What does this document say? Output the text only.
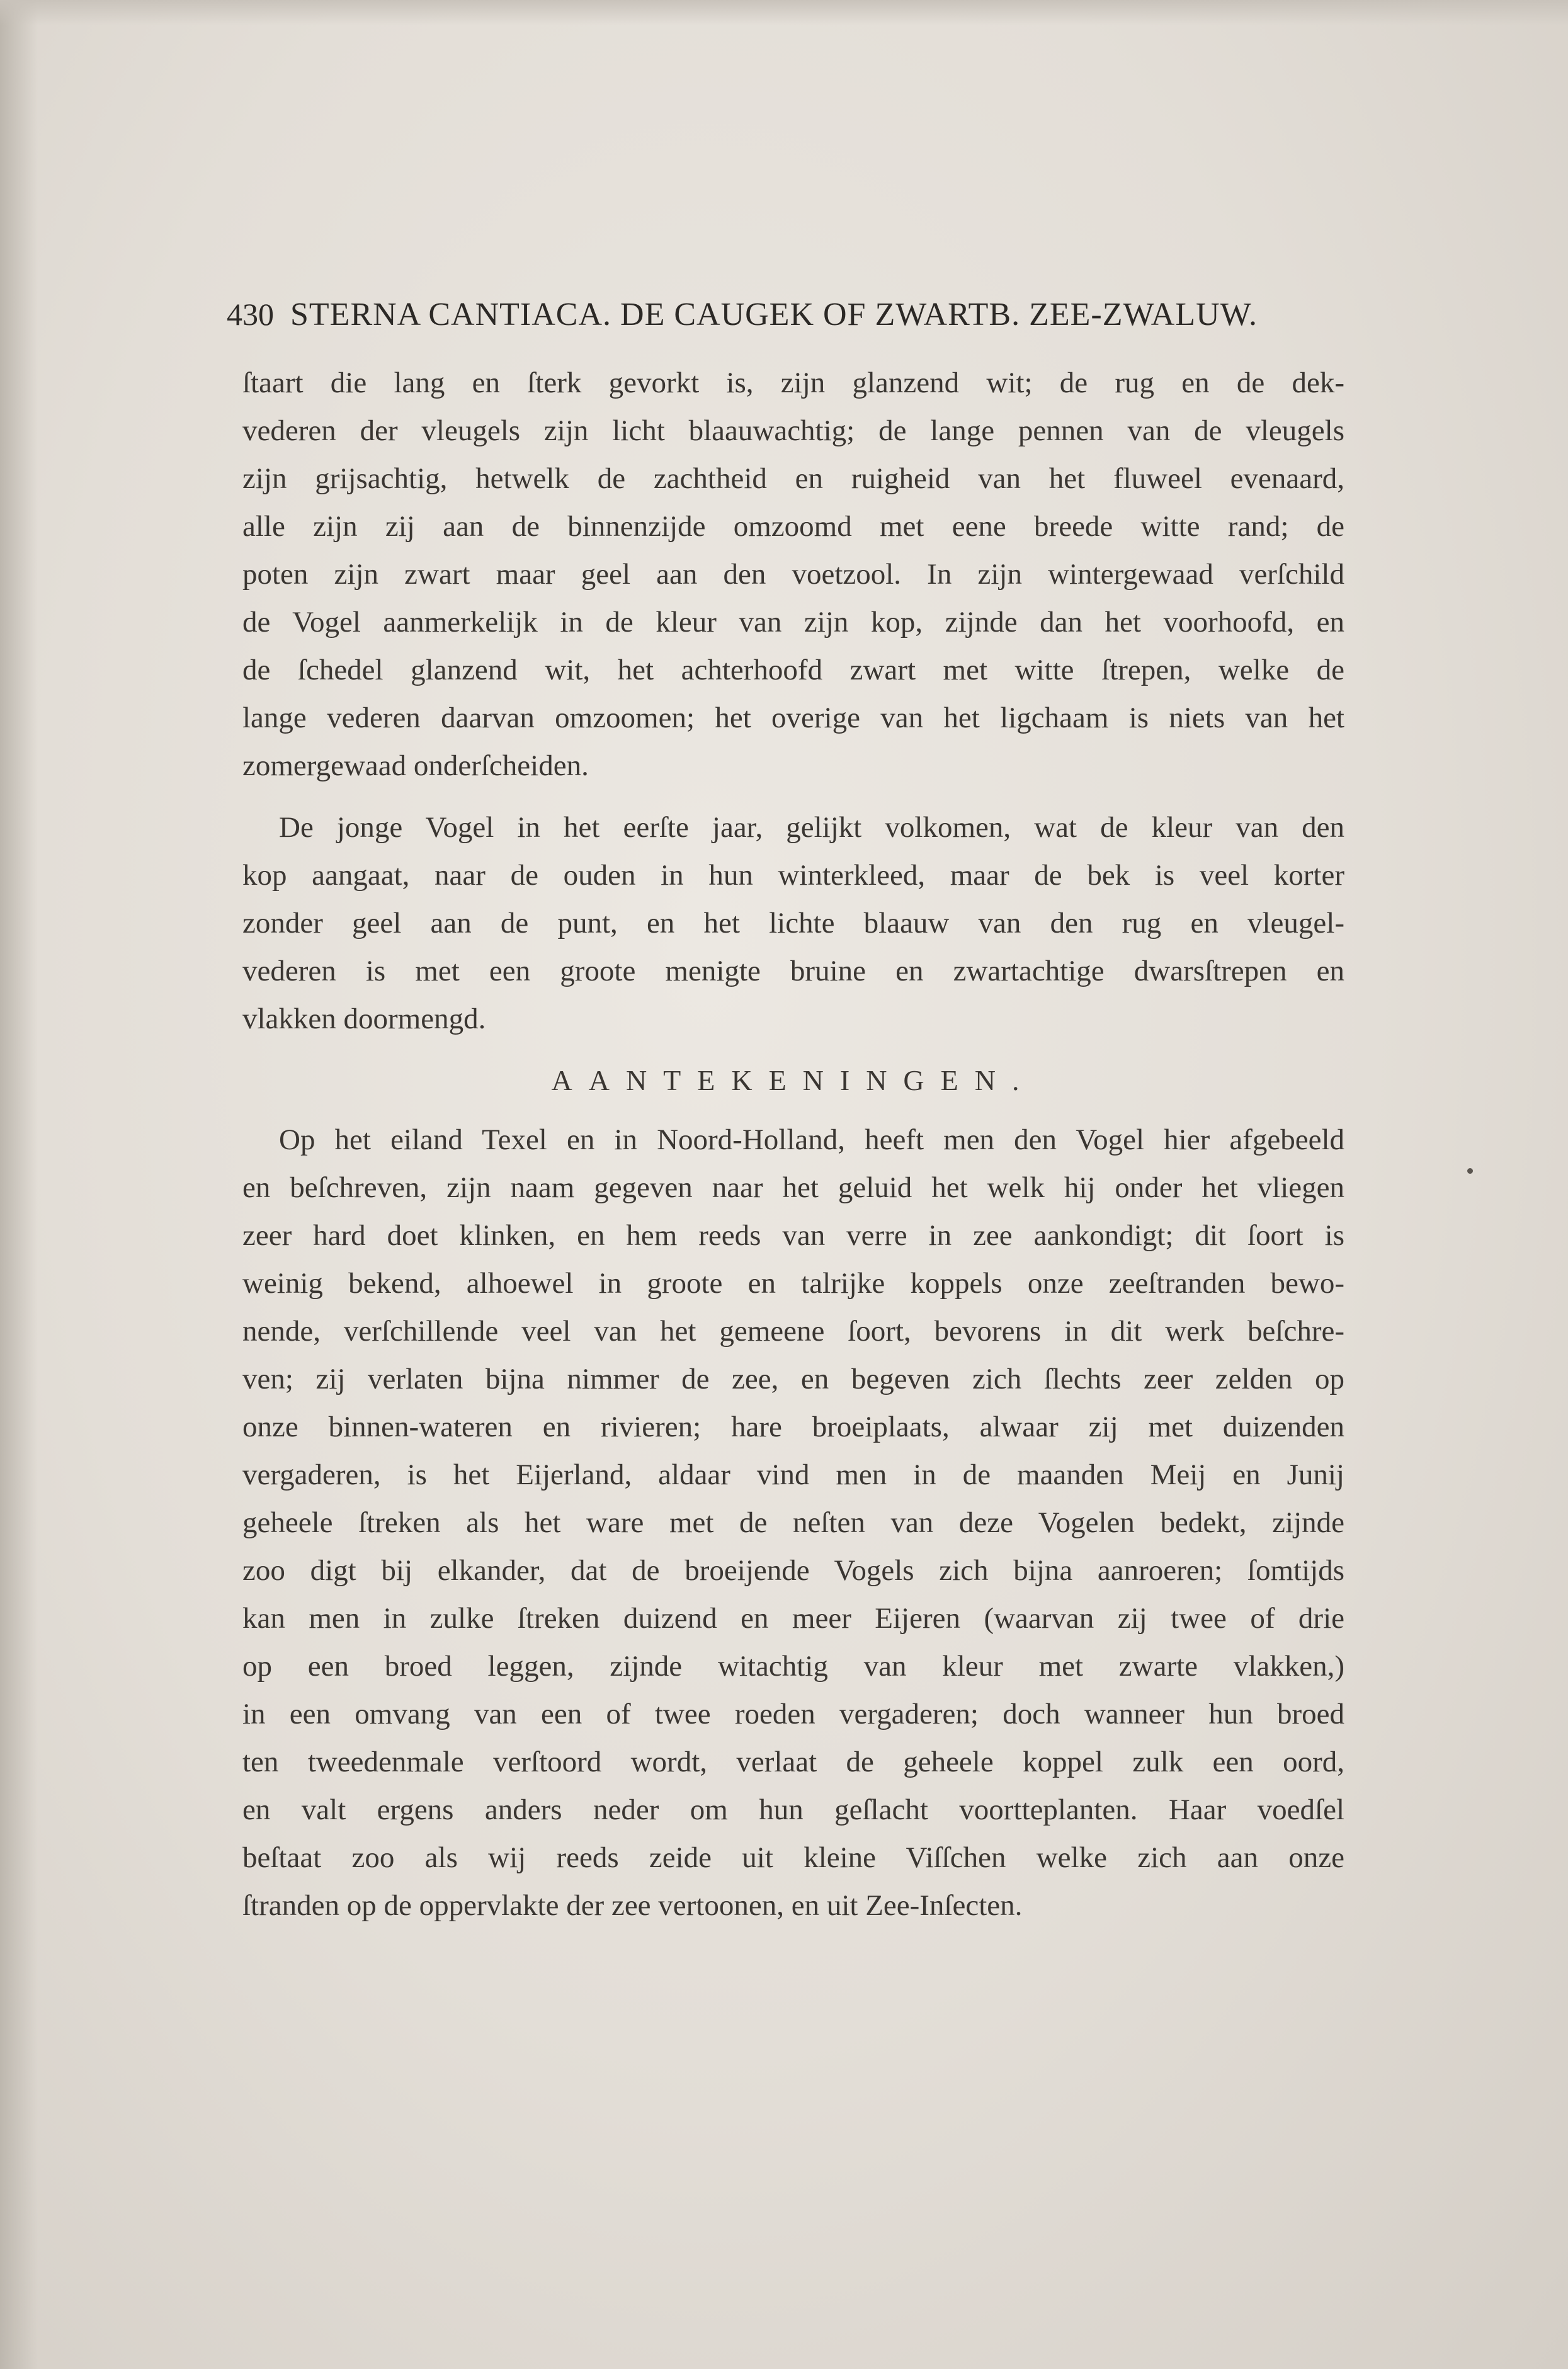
430 STERNA CANTIACA. DE CAUGEK OF ZWARTB. ZEE-ZWALUW.

ſtaart die lang en ſterk gevorkt is, zijn glanzend wit; de rug en de dek-
vederen der vleugels zijn licht blaauwachtig; de lange pennen van de vleugels
zijn grijsachtig, hetwelk de zachtheid en ruigheid van het fluweel evenaard,
alle zijn zij aan de binnenzijde omzoomd met eene breede witte rand; de
poten zijn zwart maar geel aan den voetzool. In zijn wintergewaad verſchild
de Vogel aanmerkelijk in de kleur van zijn kop, zijnde dan het voorhoofd, en
de ſchedel glanzend wit, het achterhoofd zwart met witte ſtrepen, welke de
lange vederen daarvan omzoomen; het overige van het ligchaam is niets van het
zomergewaad onderſcheiden.

De jonge Vogel in het eerſte jaar, gelijkt volkomen, wat de kleur van den
kop aangaat, naar de ouden in hun winterkleed, maar de bek is veel korter
zonder geel aan de punt, en het lichte blaauw van den rug en vleugel-
vederen is met een groote menigte bruine en zwartachtige dwarsſtrepen en
vlakken doormengd.

AANTEKENINGEN.

Op het eiland Texel en in Noord-Holland, heeft men den Vogel hier afgebeeld
en beſchreven, zijn naam gegeven naar het geluid het welk hij onder het vliegen
zeer hard doet klinken, en hem reeds van verre in zee aankondigt; dit ſoort is
weinig bekend, alhoewel in groote en talrijke koppels onze zeeſtranden bewo-
nende, verſchillende veel van het gemeene ſoort, bevorens in dit werk beſchre-
ven; zij verlaten bijna nimmer de zee, en begeven zich ſlechts zeer zelden op
onze binnen-wateren en rivieren; hare broeiplaats, alwaar zij met duizenden
vergaderen, is het Eijerland, aldaar vind men in de maanden Meij en Junij
geheele ſtreken als het ware met de neſten van deze Vogelen bedekt, zijnde
zoo digt bij elkander, dat de broeijende Vogels zich bijna aanroeren; ſomtijds
kan men in zulke ſtreken duizend en meer Eijeren (waarvan zij twee of drie
op een broed leggen, zijnde witachtig van kleur met zwarte vlakken,)
in een omvang van een of twee roeden vergaderen; doch wanneer hun broed
ten tweedenmale verſtoord wordt, verlaat de geheele koppel zulk een oord,
en valt ergens anders neder om hun geſlacht voortteplanten. Haar voedſel
beſtaat zoo als wij reeds zeide uit kleine Viſſchen welke zich aan onze
ſtranden op de oppervlakte der zee vertoonen, en uit Zee-Inſecten.
